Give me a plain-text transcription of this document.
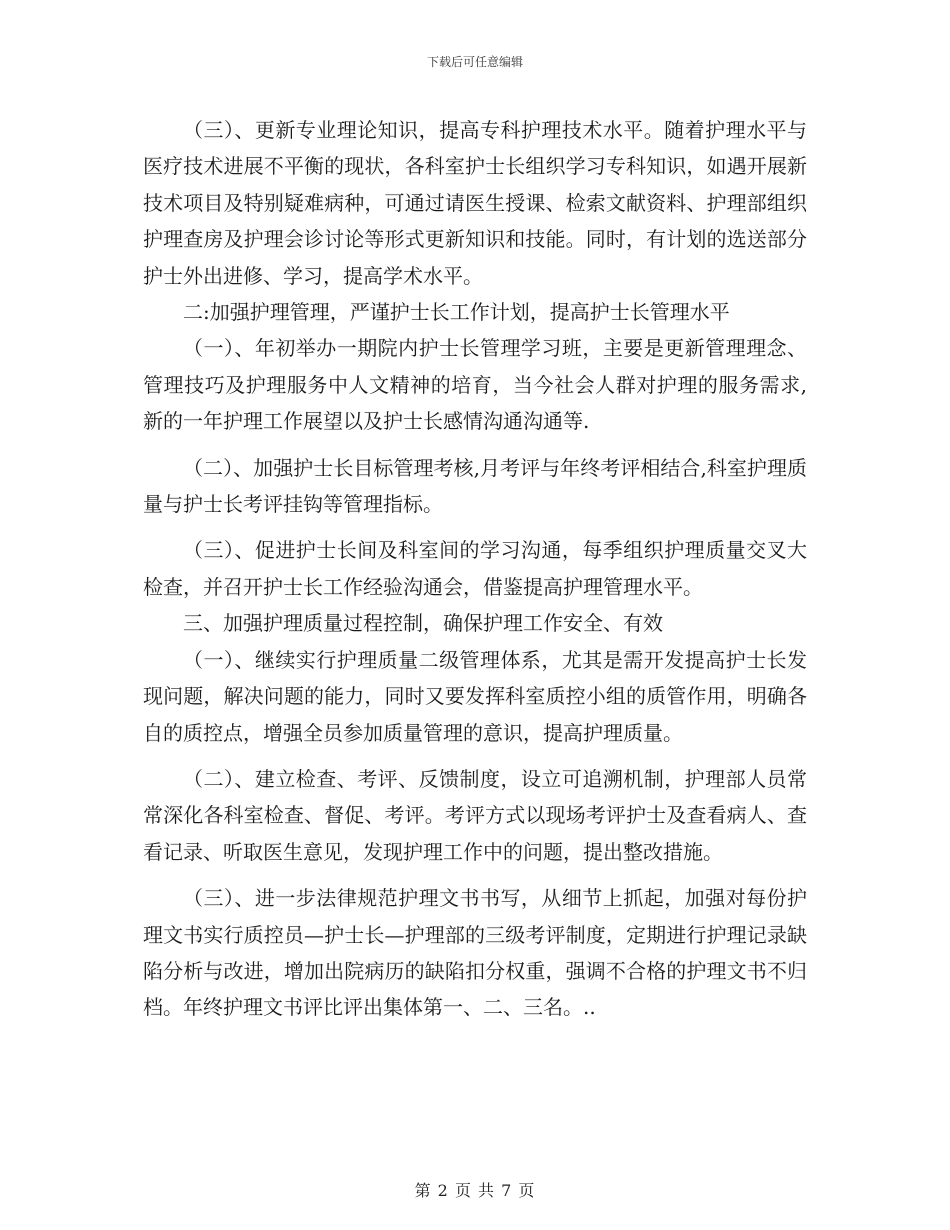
下载后可任意编辑

（三）、更新专业理论知识，提高专科护理技术水平。随着护理水平与医疗技术进展不平衡的现状，各科室护士长组织学习专科知识，如遇开展新技术项目及特别疑难病种，可通过请医生授课、检索文献资料、护理部组织护理查房及护理会诊讨论等形式更新知识和技能。同时，有计划的选送部分护士外出进修、学习，提高学术水平。

二:加强护理管理，严谨护士长工作计划，提高护士长管理水平

（一）、年初举办一期院内护士长管理学习班，主要是更新管理理念、管理技巧及护理服务中人文精神的培育，当今社会人群对护理的服务需求,新的一年护理工作展望以及护士长感情沟通沟通等.

（二）、加强护士长目标管理考核,月考评与年终考评相结合,科室护理质量与护士长考评挂钩等管理指标。

（三）、促进护士长间及科室间的学习沟通，每季组织护理质量交叉大检查，并召开护士长工作经验沟通会，借鉴提高护理管理水平。

三、加强护理质量过程控制，确保护理工作安全、有效

（一）、继续实行护理质量二级管理体系，尤其是需开发提高护士长发现问题，解决问题的能力，同时又要发挥科室质控小组的质管作用，明确各自的质控点，增强全员参加质量管理的意识，提高护理质量。

（二）、建立检查、考评、反馈制度，设立可追溯机制，护理部人员常常深化各科室检查、督促、考评。考评方式以现场考评护士及查看病人、查看记录、听取医生意见，发现护理工作中的问题，提出整改措施。

（三）、进一步法律规范护理文书书写，从细节上抓起，加强对每份护理文书实行质控员—护士长—护理部的三级考评制度，定期进行护理记录缺陷分析与改进，增加出院病历的缺陷扣分权重，强调不合格的护理文书不归档。年终护理文书评比评出集体第一、二、三名。..

第 2 页 共 7 页
